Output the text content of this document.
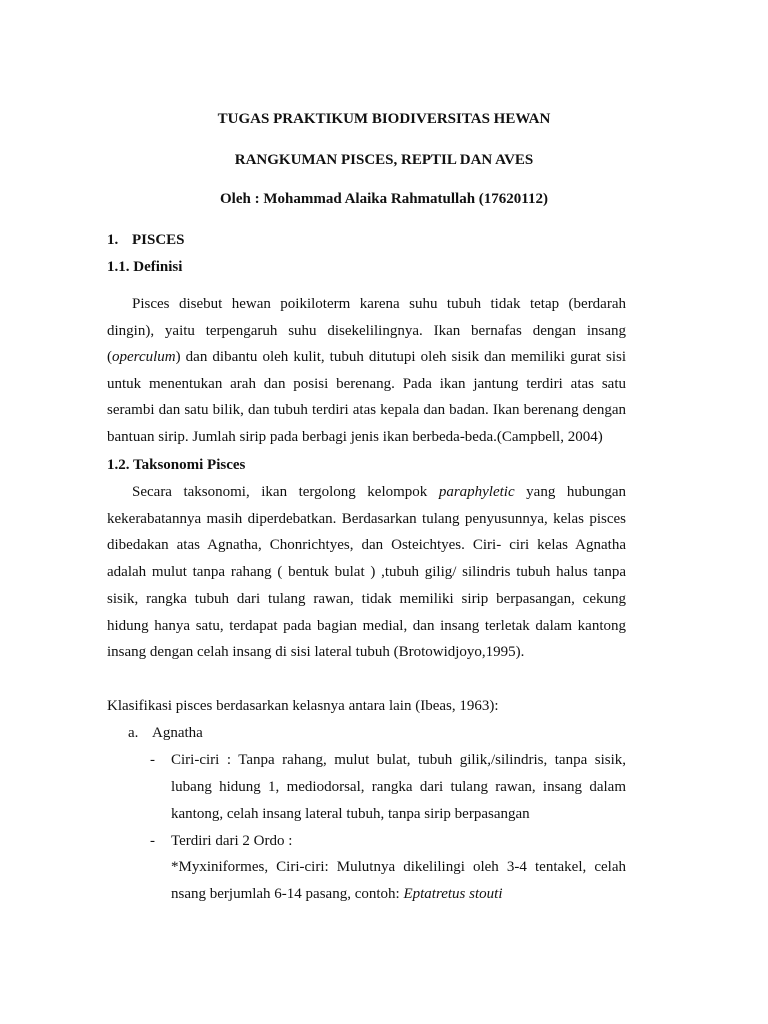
TUGAS PRAKTIKUM BIODIVERSITAS HEWAN

RANGKUMAN PISCES, REPTIL DAN AVES

Oleh : Mohammad Alaika Rahmatullah (17620112)

1. PISCES

1.1. Definisi

Pisces disebut hewan poikiloterm karena suhu tubuh tidak tetap (berdarah

dingin), yaitu terpengaruh suhu disekelilingnya. Ikan bernafas dengan insang

(operculum) dan dibantu oleh kulit, tubuh ditutupi oleh sisik dan memiliki gurat sisi

untuk menentukan arah dan posisi berenang. Pada ikan jantung terdiri atas satu

serambi dan satu bilik, dan tubuh terdiri atas kepala dan badan. Ikan berenang dengan

bantuan sirip. Jumlah sirip pada berbagi jenis ikan berbeda-beda.(Campbell, 2004)

1.2. Taksonomi Pisces

Secara taksonomi, ikan tergolong kelompok paraphyletic yang hubungan

kekerabatannya masih diperdebatkan. Berdasarkan tulang penyusunnya, kelas pisces

dibedakan atas Agnatha, Chonrichtyes, dan Osteichtyes. Ciri- ciri kelas Agnatha

adalah mulut tanpa rahang ( bentuk bulat ) ,tubuh gilig/ silindris tubuh halus tanpa

sisik, rangka tubuh dari tulang rawan, tidak memiliki sirip berpasangan, cekung

hidung hanya satu, terdapat pada bagian medial, dan insang terletak dalam kantong

insang dengan celah insang di sisi lateral tubuh (Brotowidjoyo,1995).

Klasifikasi pisces berdasarkan kelasnya antara lain (Ibeas, 1963):

a. Agnatha

- Ciri-ciri : Tanpa rahang, mulut bulat, tubuh gilik,/silindris, tanpa sisik,

lubang hidung 1, mediodorsal, rangka dari tulang rawan, insang dalam

kantong, celah insang lateral tubuh, tanpa sirip berpasangan

- Terdiri dari 2 Ordo :

*Myxiniformes, Ciri-ciri: Mulutnya dikelilingi oleh 3-4 tentakel, celah

nsang berjumlah 6-14 pasang, contoh: Eptatretus stouti
